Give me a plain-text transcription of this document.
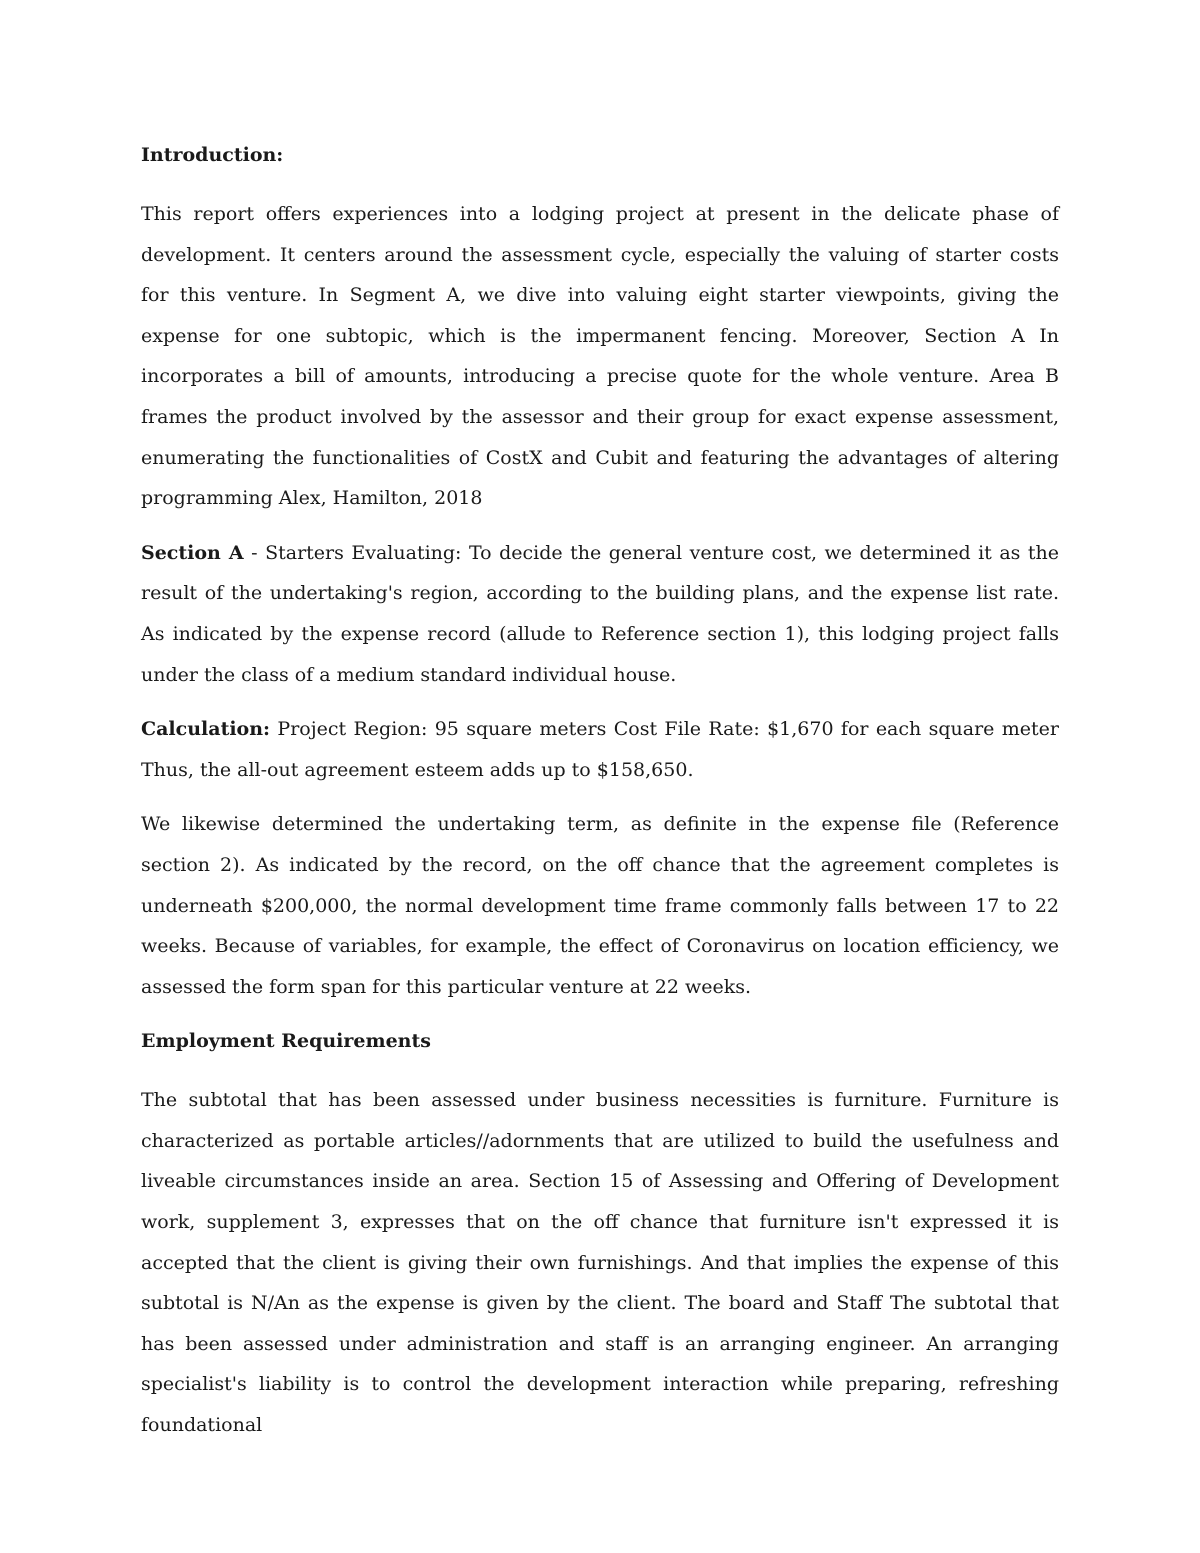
Introduction:

This report offers experiences into a lodging project at present in the delicate phase of development. It centers around the assessment cycle, especially the valuing of starter costs for this venture. In Segment A, we dive into valuing eight starter viewpoints, giving the expense for one subtopic, which is the impermanent fencing. Moreover, Section A In incorporates a bill of amounts, introducing a precise quote for the whole venture. Area B frames the product involved by the assessor and their group for exact expense assessment, enumerating the functionalities of CostX and Cubit and featuring the advantages of altering programming Alex, Hamilton, 2018

Section A - Starters Evaluating: To decide the general venture cost, we determined it as the result of the undertaking's region, according to the building plans, and the expense list rate. As indicated by the expense record (allude to Reference section 1), this lodging project falls under the class of a medium standard individual house.

Calculation: Project Region: 95 square meters Cost File Rate: $1,670 for each square meter Thus, the all-out agreement esteem adds up to $158,650.

We likewise determined the undertaking term, as definite in the expense file (Reference section 2). As indicated by the record, on the off chance that the agreement completes is underneath $200,000, the normal development time frame commonly falls between 17 to 22 weeks. Because of variables, for example, the effect of Coronavirus on location efficiency, we assessed the form span for this particular venture at 22 weeks.

Employment Requirements

The subtotal that has been assessed under business necessities is furniture. Furniture is characterized as portable articles//adornments that are utilized to build the usefulness and liveable circumstances inside an area. Section 15 of Assessing and Offering of Development work, supplement 3, expresses that on the off chance that furniture isn't expressed it is accepted that the client is giving their own furnishings. And that implies the expense of this subtotal is N/An as the expense is given by the client. The board and Staff The subtotal that has been assessed under administration and staff is an arranging engineer. An arranging specialist's liability is to control the development interaction while preparing, refreshing foundational
